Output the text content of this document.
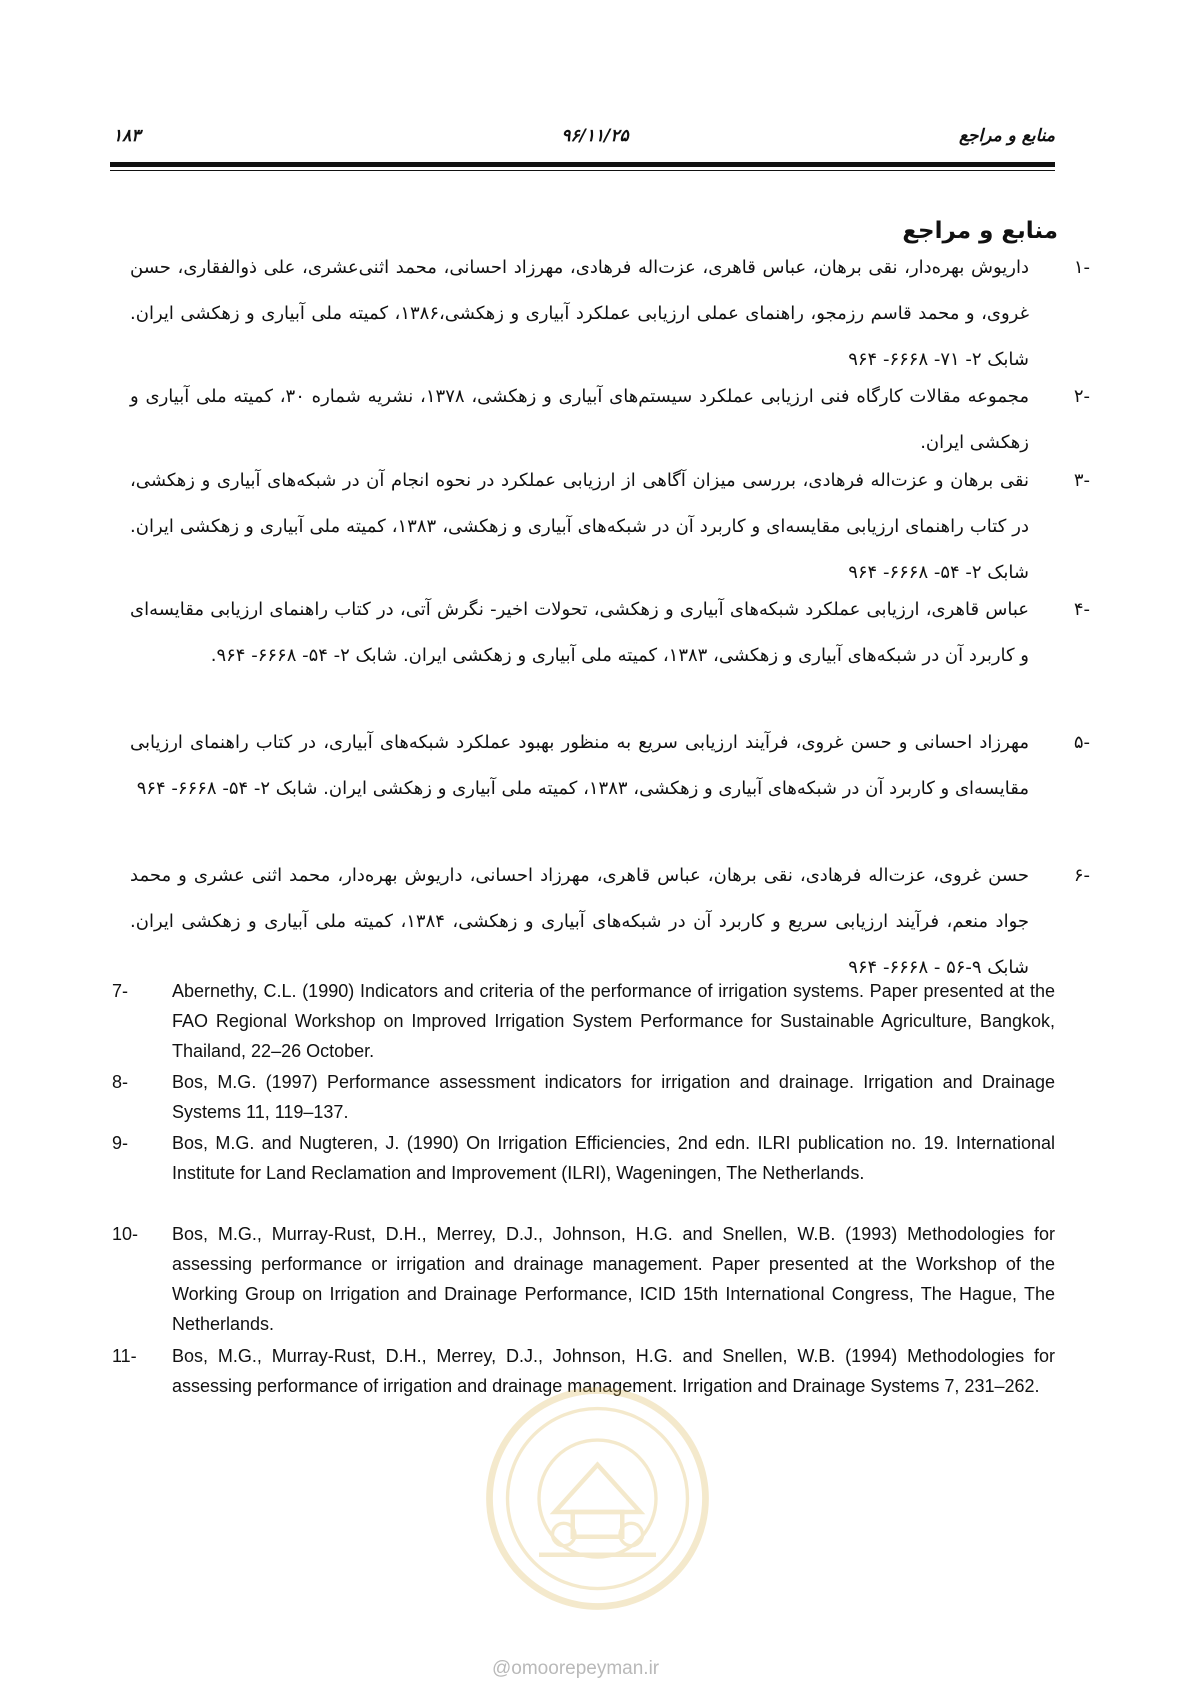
۱۸۳	۹۶/۱۱/۲۵	منابع و مراجع
منابع و مراجع
-۱
داریوش بهره‌دار، نقی برهان، عباس قاهری، عزت‌اله فرهادی، مهرزاد احسانی، محمد اثنی‌عشری، علی ذوالفقاری، حسن غروی، و محمد قاسم رزمجو، راهنمای عملی ارزیابی عملکرد آبیاری و زهکشی،۱۳۸۶، کمیته ملی آبیاری و زهکشی ایران. شابک ۲- ۷۱- ۶۶۶۸- ۹۶۴
-۲
مجموعه مقالات کارگاه فنی ارزیابی عملکرد سیستم‌های آبیاری و زهکشی، ۱۳۷۸، نشریه شماره ۳۰، کمیته ملی آبیاری و زهکشی ایران.
-۳
نقی برهان و عزت‌اله فرهادی، بررسی میزان آگاهی از ارزیابی عملکرد در نحوه انجام آن در شبکه‌های آبیاری و زهکشی، در کتاب راهنمای ارزیابی مقایسه‌ای و کاربرد آن در شبکه‌های آبیاری و زهکشی، ۱۳۸۳، کمیته ملی آبیاری و زهکشی ایران. شابک ۲- ۵۴- ۶۶۶۸- ۹۶۴
-۴
عباس قاهری، ارزیابی عملکرد شبکه‌های آبیاری و زهکشی، تحولات اخیر- نگرش آتی، در کتاب راهنمای ارزیابی مقایسه‌ای و کاربرد آن در شبکه‌های آبیاری و زهکشی، ۱۳۸۳، کمیته ملی آبیاری و زهکشی ایران. شابک ۲- ۵۴- ۶۶۶۸- ۹۶۴.
-۵
مهرزاد احسانی و حسن غروی، فرآیند ارزیابی سریع به منظور بهبود عملکرد شبکه‌های آبیاری، در کتاب راهنمای ارزیابی مقایسه‌ای و کاربرد آن در شبکه‌های آبیاری و زهکشی، ۱۳۸۳، کمیته ملی آبیاری و زهکشی ایران. شابک ۲- ۵۴- ۶۶۶۸- ۹۶۴
-۶
حسن غروی، عزت‌اله فرهادی، نقی برهان، عباس قاهری، مهرزاد احسانی، داریوش بهره‌دار، محمد اثنی عشری و محمد جواد منعم، فرآیند ارزیابی سریع و کاربرد آن در شبکه‌های آبیاری و زهکشی، ۱۳۸۴، کمیته ملی آبیاری و زهکشی ایران. شابک ۹-۵۶ - ۶۶۶۸- ۹۶۴
7-	Abernethy, C.L. (1990) Indicators and criteria of the performance of irrigation systems. Paper presented at the FAO Regional Workshop on Improved Irrigation System Performance for Sustainable Agriculture, Bangkok, Thailand, 22–26 October.
8-	Bos, M.G. (1997) Performance assessment indicators for irrigation and drainage. Irrigation and Drainage Systems 11, 119–137.
9-	Bos, M.G. and Nugteren, J. (1990) On Irrigation Efficiencies, 2nd edn. ILRI publication no. 19. International Institute for Land Reclamation and Improvement (ILRI), Wageningen, The Netherlands.
10-	Bos, M.G., Murray-Rust, D.H., Merrey, D.J., Johnson, H.G. and Snellen, W.B. (1993) Methodologies for assessing performance or irrigation and drainage management. Paper presented at the Workshop of the Working Group on Irrigation and Drainage Performance, ICID 15th International Congress, The Hague, The Netherlands.
11-	Bos, M.G., Murray-Rust, D.H., Merrey, D.J., Johnson, H.G. and Snellen, W.B. (1994) Methodologies for assessing performance of irrigation and drainage management. Irrigation and Drainage Systems 7, 231–262.
@omoorepeyman.ir
